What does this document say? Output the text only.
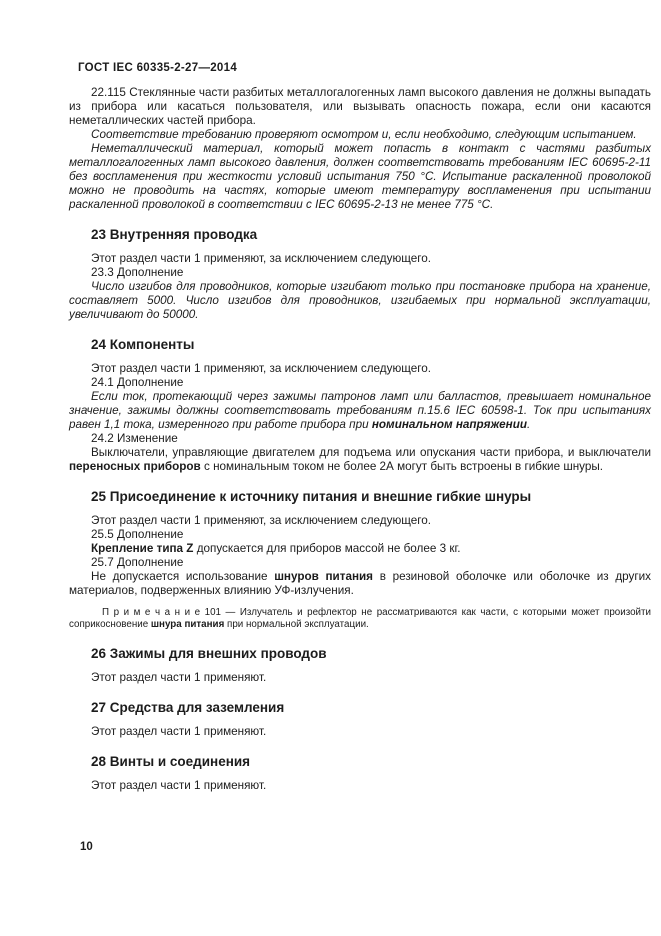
ГОСТ IEC 60335-2-27—2014
22.115 Стеклянные части разбитых металлогалогенных ламп высокого давления не должны выпадать из прибора или касаться пользователя, или вызывать опасность пожара, если они касаются неметаллических частей прибора.
Соответствие требованию проверяют осмотром и, если необходимо, следующим испытанием.
Неметаллический материал, который может попасть в контакт с частями разбитых металлогалогенных ламп высокого давления, должен соответствовать требованиям IEC 60695-2-11 без воспламенения при жесткости условий испытания 750 °С. Испытание раскаленной проволокой можно не проводить на частях, которые имеют температуру воспламенения при испытании раскаленной проволокой в соответствии с IEC 60695-2-13 не менее 775 °С.
23 Внутренняя проводка
Этот раздел части 1 применяют, за исключением следующего.
23.3 Дополнение
Число изгибов для проводников, которые изгибают только при постановке прибора на хранение, составляет 5000. Число изгибов для проводников, изгибаемых при нормальной эксплуатации, увеличивают до 50000.
24 Компоненты
Этот раздел части 1 применяют, за исключением следующего.
24.1 Дополнение
Если ток, протекающий через зажимы патронов ламп или балластов, превышает номинальное значение, зажимы должны соответствовать требованиям п.15.6 IEC 60598-1. Ток при испытаниях равен 1,1 тока, измеренного при работе прибора при номинальном напряжении.
24.2 Изменение
Выключатели, управляющие двигателем для подъема или опускания части прибора, и выключатели переносных приборов с номинальным током не более 2А могут быть встроены в гибкие шнуры.
25 Присоединение к источнику питания и внешние гибкие шнуры
Этот раздел части 1 применяют, за исключением следующего.
25.5 Дополнение
Крепление типа Z допускается для приборов массой не более 3 кг.
25.7 Дополнение
Не допускается использование шнуров питания в резиновой оболочке или оболочке из других материалов, подверженных влиянию УФ-излучения.
П р и м е ч а н и е 101 — Излучатель и рефлектор не рассматриваются как части, с которыми может произойти соприкосновение шнура питания при нормальной эксплуатации.
26 Зажимы для внешних проводов
Этот раздел части 1 применяют.
27 Средства для заземления
Этот раздел части 1 применяют.
28 Винты и соединения
Этот раздел части 1 применяют.
10
